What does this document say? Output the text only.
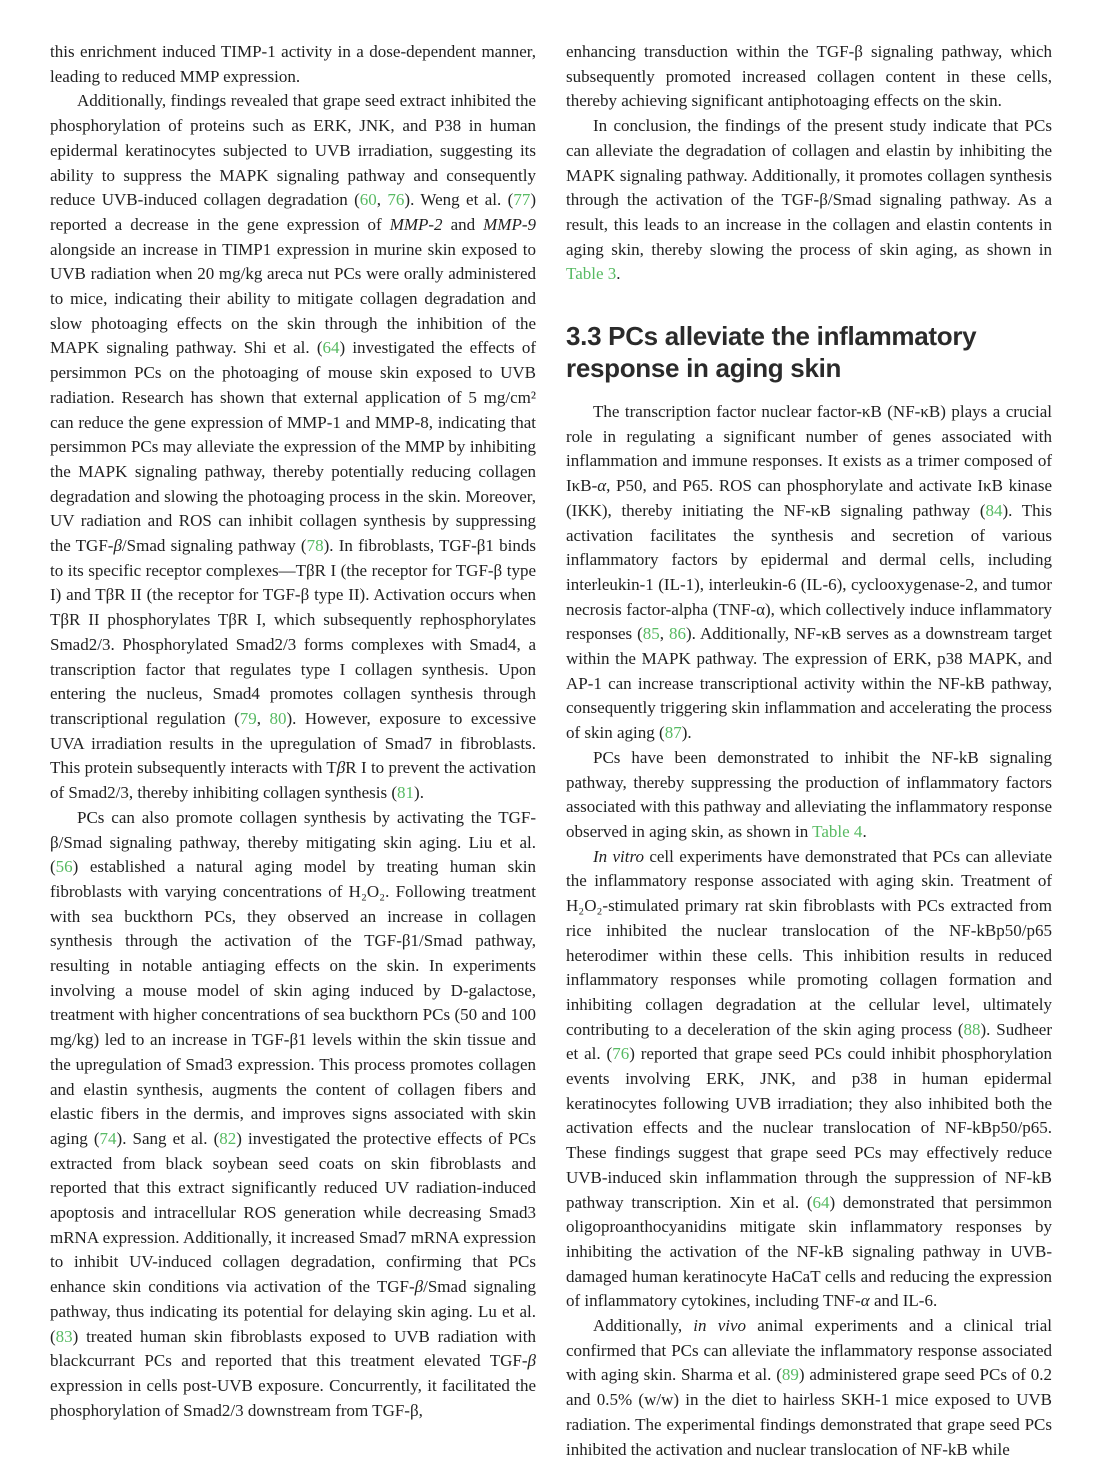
this enrichment induced TIMP-1 activity in a dose-dependent manner, leading to reduced MMP expression.

Additionally, findings revealed that grape seed extract inhibited the phosphorylation of proteins such as ERK, JNK, and P38 in human epidermal keratinocytes subjected to UVB irradiation, suggesting its ability to suppress the MAPK signaling pathway and consequently reduce UVB-induced collagen degradation (60, 76). Weng et al. (77) reported a decrease in the gene expression of MMP-2 and MMP-9 alongside an increase in TIMP1 expression in murine skin exposed to UVB radiation when 20 mg/kg areca nut PCs were orally administered to mice, indicating their ability to mitigate collagen degradation and slow photoaging effects on the skin through the inhibition of the MAPK signaling pathway. Shi et al. (64) investigated the effects of persimmon PCs on the photoaging of mouse skin exposed to UVB radiation. Research has shown that external application of 5 mg/cm² can reduce the gene expression of MMP-1 and MMP-8, indicating that persimmon PCs may alleviate the expression of the MMP by inhibiting the MAPK signaling pathway, thereby potentially reducing collagen degradation and slowing the photoaging process in the skin. Moreover, UV radiation and ROS can inhibit collagen synthesis by suppressing the TGF-β/Smad signaling pathway (78). In fibroblasts, TGF-β1 binds to its specific receptor complexes—TβR I (the receptor for TGF-β type I) and TβR II (the receptor for TGF-β type II). Activation occurs when TβR II phosphorylates TβR I, which subsequently rephosphorylates Smad2/3. Phosphorylated Smad2/3 forms complexes with Smad4, a transcription factor that regulates type I collagen synthesis. Upon entering the nucleus, Smad4 promotes collagen synthesis through transcriptional regulation (79, 80). However, exposure to excessive UVA irradiation results in the upregulation of Smad7 in fibroblasts. This protein subsequently interacts with TβR I to prevent the activation of Smad2/3, thereby inhibiting collagen synthesis (81).

PCs can also promote collagen synthesis by activating the TGF-β/Smad signaling pathway, thereby mitigating skin aging. Liu et al. (56) established a natural aging model by treating human skin fibroblasts with varying concentrations of H₂O₂. Following treatment with sea buckthorn PCs, they observed an increase in collagen synthesis through the activation of the TGF-β1/Smad pathway, resulting in notable antiaging effects on the skin. In experiments involving a mouse model of skin aging induced by D-galactose, treatment with higher concentrations of sea buckthorn PCs (50 and 100 mg/kg) led to an increase in TGF-β1 levels within the skin tissue and the upregulation of Smad3 expression. This process promotes collagen and elastin synthesis, augments the content of collagen fibers and elastic fibers in the dermis, and improves signs associated with skin aging (74). Sang et al. (82) investigated the protective effects of PCs extracted from black soybean seed coats on skin fibroblasts and reported that this extract significantly reduced UV radiation-induced apoptosis and intracellular ROS generation while decreasing Smad3 mRNA expression. Additionally, it increased Smad7 mRNA expression to inhibit UV-induced collagen degradation, confirming that PCs enhance skin conditions via activation of the TGF-β/Smad signaling pathway, thus indicating its potential for delaying skin aging. Lu et al. (83) treated human skin fibroblasts exposed to UVB radiation with blackcurrant PCs and reported that this treatment elevated TGF-β expression in cells post-UVB exposure. Concurrently, it facilitated the phosphorylation of Smad2/3 downstream from TGF-β,

enhancing transduction within the TGF-β signaling pathway, which subsequently promoted increased collagen content in these cells, thereby achieving significant antiphotoaging effects on the skin.

In conclusion, the findings of the present study indicate that PCs can alleviate the degradation of collagen and elastin by inhibiting the MAPK signaling pathway. Additionally, it promotes collagen synthesis through the activation of the TGF-β/Smad signaling pathway. As a result, this leads to an increase in the collagen and elastin contents in aging skin, thereby slowing the process of skin aging, as shown in Table 3.

3.3 PCs alleviate the inflammatory response in aging skin

The transcription factor nuclear factor-κB (NF-κB) plays a crucial role in regulating a significant number of genes associated with inflammation and immune responses. It exists as a trimer composed of IκB-α, P50, and P65. ROS can phosphorylate and activate IκB kinase (IKK), thereby initiating the NF-κB signaling pathway (84). This activation facilitates the synthesis and secretion of various inflammatory factors by epidermal and dermal cells, including interleukin-1 (IL-1), interleukin-6 (IL-6), cyclooxygenase-2, and tumor necrosis factor-alpha (TNF-α), which collectively induce inflammatory responses (85, 86). Additionally, NF-κB serves as a downstream target within the MAPK pathway. The expression of ERK, p38 MAPK, and AP-1 can increase transcriptional activity within the NF-kB pathway, consequently triggering skin inflammation and accelerating the process of skin aging (87).

PCs have been demonstrated to inhibit the NF-kB signaling pathway, thereby suppressing the production of inflammatory factors associated with this pathway and alleviating the inflammatory response observed in aging skin, as shown in Table 4.

In vitro cell experiments have demonstrated that PCs can alleviate the inflammatory response associated with aging skin. Treatment of H₂O₂-stimulated primary rat skin fibroblasts with PCs extracted from rice inhibited the nuclear translocation of the NF-kBp50/p65 heterodimer within these cells. This inhibition results in reduced inflammatory responses while promoting collagen formation and inhibiting collagen degradation at the cellular level, ultimately contributing to a deceleration of the skin aging process (88). Sudheer et al. (76) reported that grape seed PCs could inhibit phosphorylation events involving ERK, JNK, and p38 in human epidermal keratinocytes following UVB irradiation; they also inhibited both the activation effects and the nuclear translocation of NF-kBp50/p65. These findings suggest that grape seed PCs may effectively reduce UVB-induced skin inflammation through the suppression of NF-kB pathway transcription. Xin et al. (64) demonstrated that persimmon oligoproanthocyanidins mitigate skin inflammatory responses by inhibiting the activation of the NF-kB signaling pathway in UVB-damaged human keratinocyte HaCaT cells and reducing the expression of inflammatory cytokines, including TNF-α and IL-6.

Additionally, in vivo animal experiments and a clinical trial confirmed that PCs can alleviate the inflammatory response associated with aging skin. Sharma et al. (89) administered grape seed PCs of 0.2 and 0.5% (w/w) in the diet to hairless SKH-1 mice exposed to UVB radiation. The experimental findings demonstrated that grape seed PCs inhibited the activation and nuclear translocation of NF-kB while
